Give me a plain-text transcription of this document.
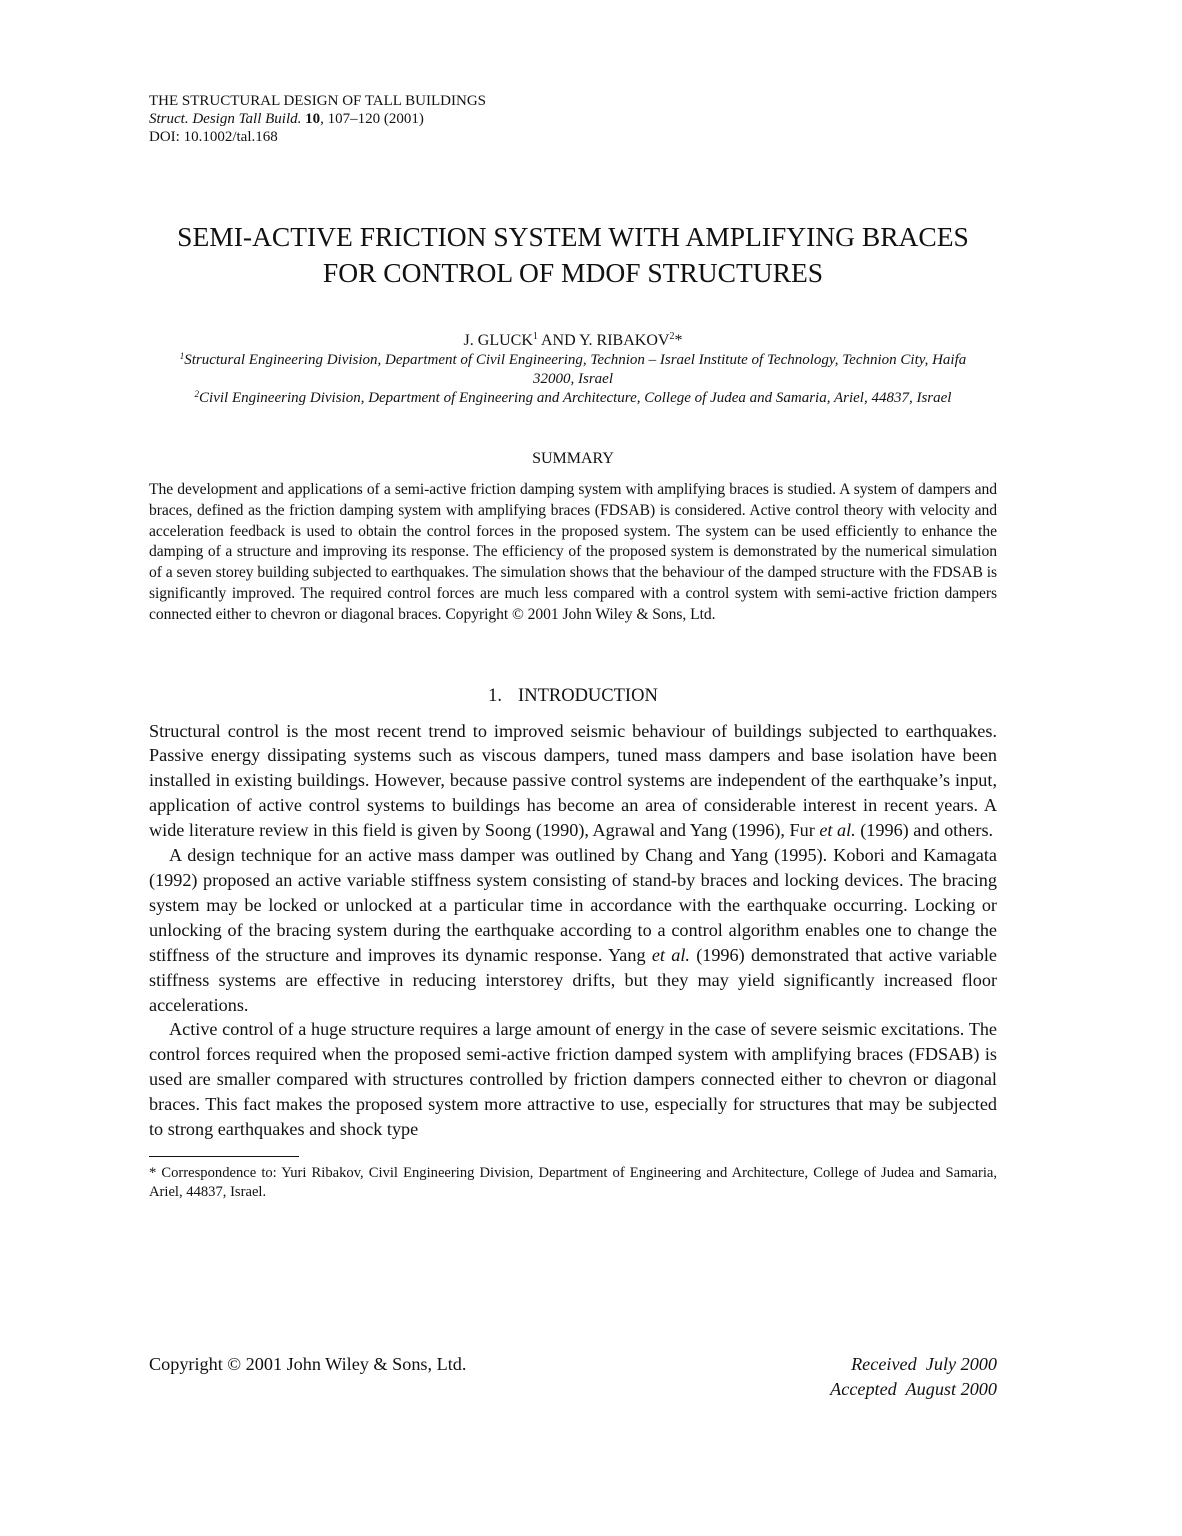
THE STRUCTURAL DESIGN OF TALL BUILDINGS
Struct. Design Tall Build. 10, 107–120 (2001)
DOI: 10.1002/tal.168
SEMI-ACTIVE FRICTION SYSTEM WITH AMPLIFYING BRACES
FOR CONTROL OF MDOF STRUCTURES
J. GLUCK$^1$ AND Y. RIBAKOV$^2$*
$^1$Structural Engineering Division, Department of Civil Engineering, Technion – Israel Institute of Technology, Technion City, Haifa 32000, Israel
$^2$Civil Engineering Division, Department of Engineering and Architecture, College of Judea and Samaria, Ariel, 44837, Israel
SUMMARY
The development and applications of a semi-active friction damping system with amplifying braces is studied. A system of dampers and braces, defined as the friction damping system with amplifying braces (FDSAB) is considered. Active control theory with velocity and acceleration feedback is used to obtain the control forces in the proposed system. The system can be used efficiently to enhance the damping of a structure and improving its response. The efficiency of the proposed system is demonstrated by the numerical simulation of a seven storey building subjected to earthquakes. The simulation shows that the behaviour of the damped structure with the FDSAB is significantly improved. The required control forces are much less compared with a control system with semi-active friction dampers connected either to chevron or diagonal braces. Copyright © 2001 John Wiley & Sons, Ltd.
1. INTRODUCTION

Structural control is the most recent trend to improved seismic behaviour of buildings subjected to earthquakes. Passive energy dissipating systems such as viscous dampers, tuned mass dampers and base isolation have been installed in existing buildings. However, because passive control systems are independent of the earthquake’s input, application of active control systems to buildings has become an area of considerable interest in recent years. A wide literature review in this field is given by Soong (1990), Agrawal and Yang (1996), Fur et al. (1996) and others.

A design technique for an active mass damper was outlined by Chang and Yang (1995). Kobori and Kamagata (1992) proposed an active variable stiffness system consisting of stand-by braces and locking devices. The bracing system may be locked or unlocked at a particular time in accordance with the earthquake occurring. Locking or unlocking of the bracing system during the earthquake according to a control algorithm enables one to change the stiffness of the structure and improves its dynamic response. Yang et al. (1996) demonstrated that active variable stiffness systems are effective in reducing interstorey drifts, but they may yield significantly increased floor accelerations.

Active control of a huge structure requires a large amount of energy in the case of severe seismic excitations. The control forces required when the proposed semi-active friction damped system with amplifying braces (FDSAB) is used are smaller compared with structures controlled by friction dampers connected either to chevron or diagonal braces. This fact makes the proposed system more attractive to use, especially for structures that may be subjected to strong earthquakes and shock type

* Correspondence to: Yuri Ribakov, Civil Engineering Division, Department of Engineering and Architecture, College of Judea and Samaria, Ariel, 44837, Israel.
Copyright © 2001 John Wiley & Sons, Ltd.	Received  July 2000
Accepted  August 2000
